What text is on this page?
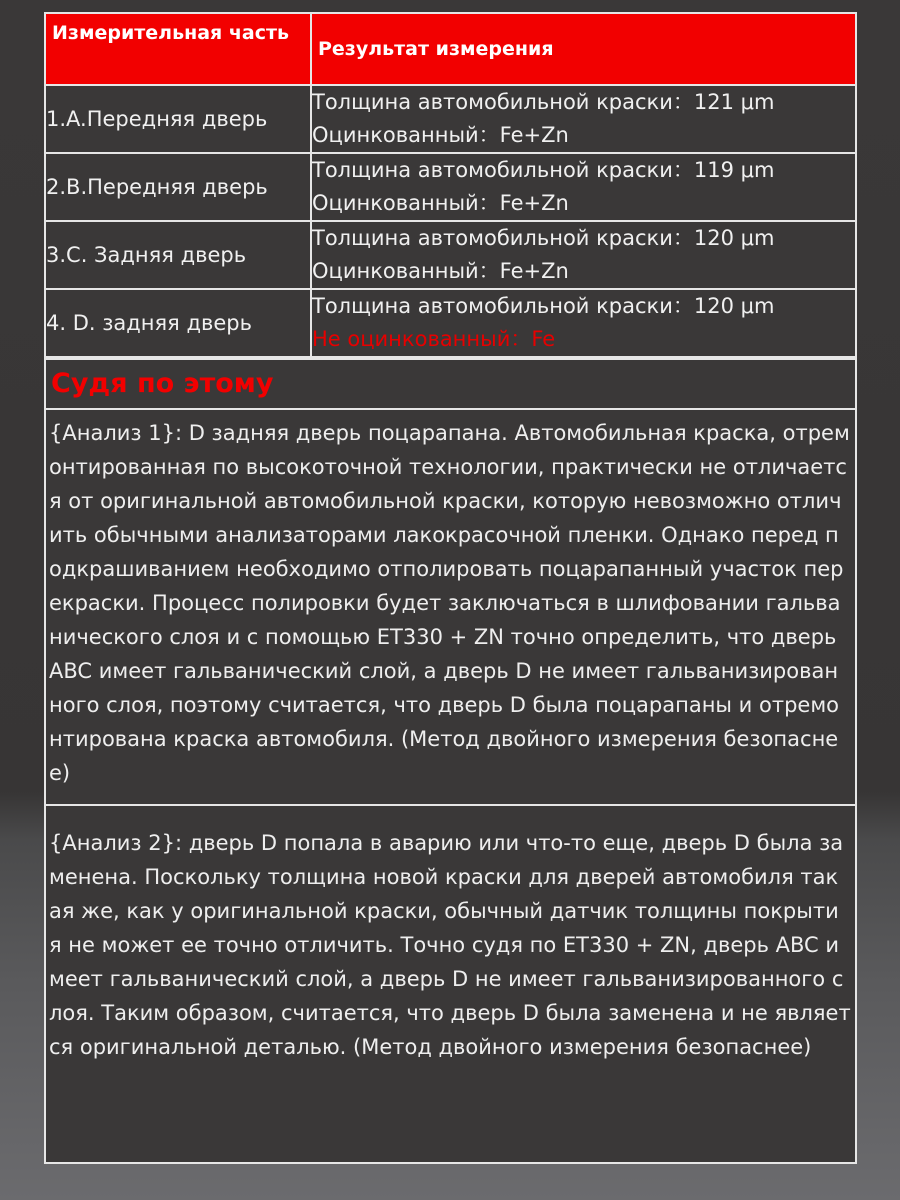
Измерительная часть	Результат измерения
1.A.Передняя дверь	Толщина автомобильной краски：121 μm
Оцинкованный：Fe+Zn

2.B.Передняя дверь	Толщина автомобильной краски：119 μm
Оцинкованный：Fe+Zn

3.C. Задняя дверь	Толщина автомобильной краски：120 μm
Оцинкованный：Fe+Zn

4. D. задняя дверь	Толщина автомобильной краски：120 μm
Не оцинкованный：Fe
Судя по этому
{Анализ 1}: D задняя дверь поцарапана. Автомобильная краска, отремонтированная по высокоточной технологии, практически не отличается от оригинальной автомобильной краски, которую невозможно отличить обычными анализаторами лакокрасочной пленки. Однако перед подкрашиванием необходимо отполировать поцарапанный участок перекраски. Процесс полировки будет заключаться в шлифовании гальванического слоя и с помощью ET330 + ZN точно определить, что дверь ABC имеет гальванический слой, а дверь D не имеет гальванизированного слоя, поэтому считается, что дверь D была поцарапаны и отремонтирована краска автомобиля. (Метод двойного измерения безопаснее)
{Анализ 2}: дверь D попала в аварию или что-то еще, дверь D была заменена. Поскольку толщина новой краски для дверей автомобиля такая же, как у оригинальной краски, обычный датчик толщины покрытия не может ее точно отличить. Точно судя по ET330 + ZN, дверь ABC имеет гальванический слой, а дверь D не имеет гальванизированного слоя. Таким образом, считается, что дверь D была заменена и не является оригинальной деталью. (Метод двойного измерения безопаснее)
